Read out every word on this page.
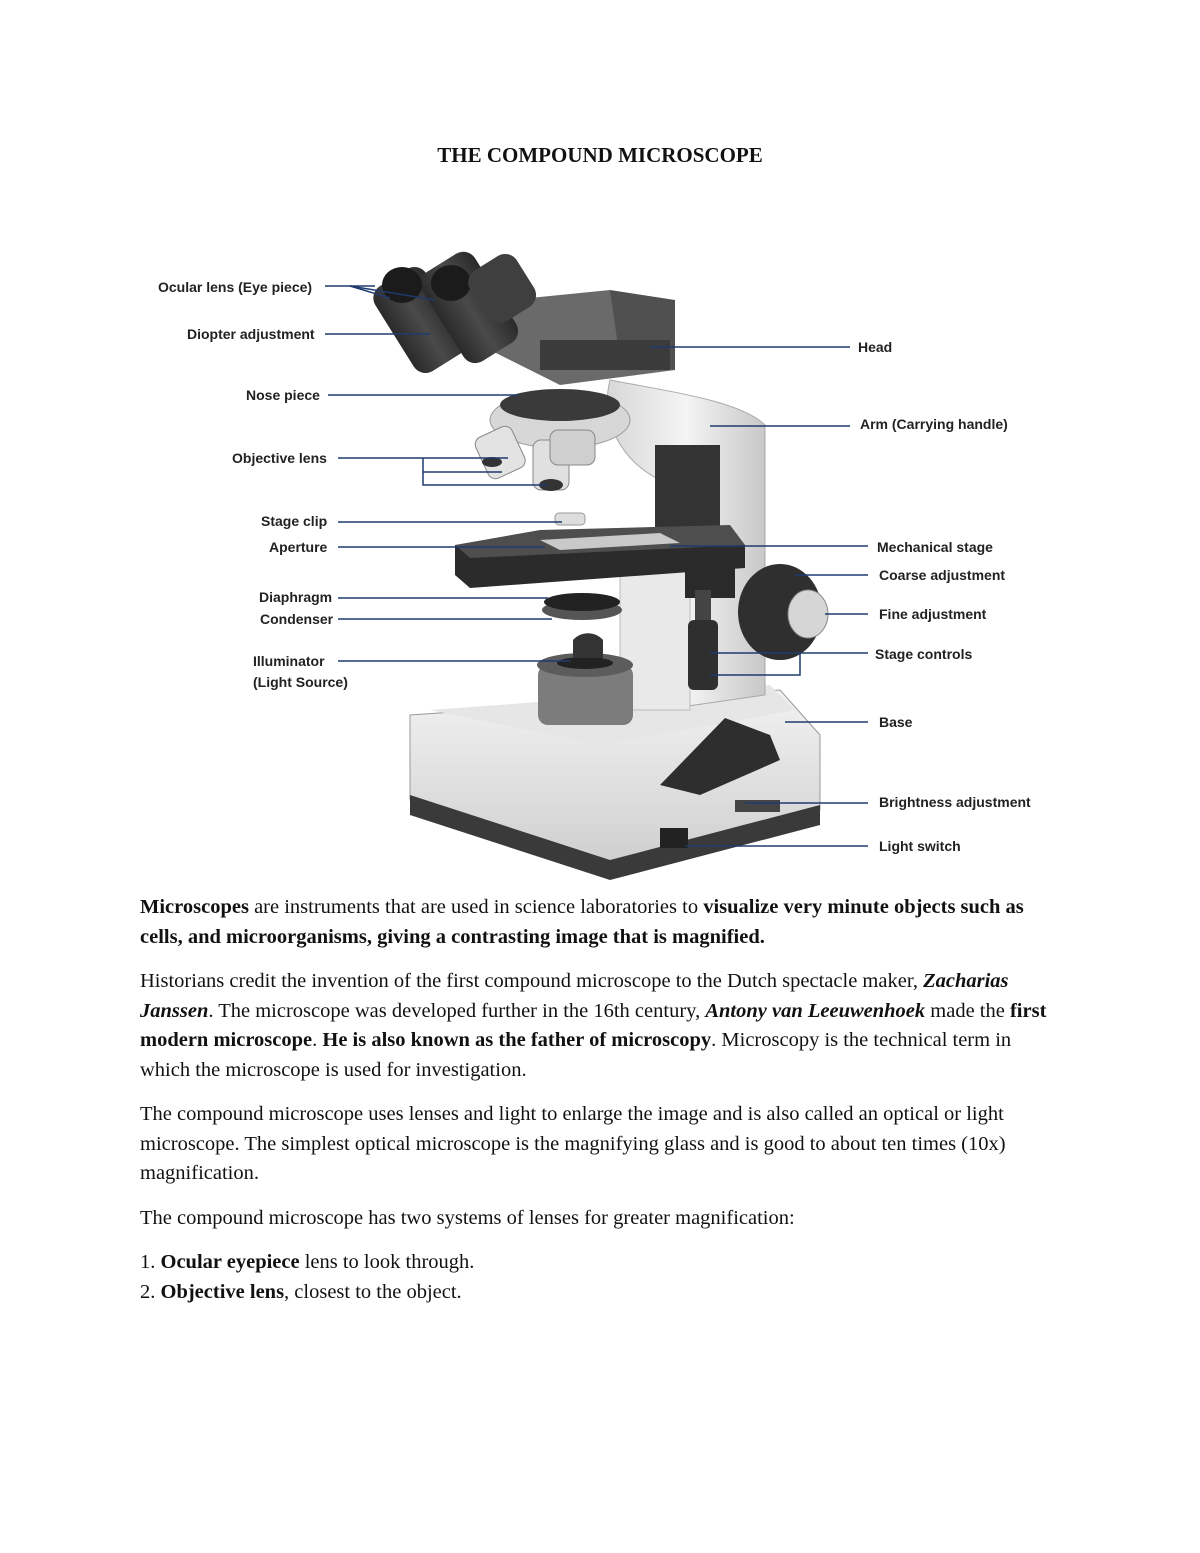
THE COMPOUND MICROSCOPE
Ocular lens (Eye piece)
Diopter adjustment
Nose piece
Objective lens
Stage clip
Aperture
Diaphragm
Condenser
Illuminator
(Light Source)
Head
Arm (Carrying handle)
Mechanical stage
Coarse adjustment
Fine adjustment
Stage controls
Base
Brightness adjustment
Light switch

Microscopes are instruments that are used in science laboratories to visualize very minute objects such as cells, and microorganisms, giving a contrasting image that is magnified.

Historians credit the invention of the first compound microscope to the Dutch spectacle maker, Zacharias Janssen. The microscope was developed further in the 16th century, Antony van Leeuwenhoek made the first modern microscope. He is also known as the father of microscopy. Microscopy is the technical term in which the microscope is used for investigation.

The compound microscope uses lenses and light to enlarge the image and is also called an optical or light microscope. The simplest optical microscope is the magnifying glass and is good to about ten times (10x) magnification.

The compound microscope has two systems of lenses for greater magnification:

1. Ocular eyepiece lens to look through.
2. Objective lens, closest to the object.
